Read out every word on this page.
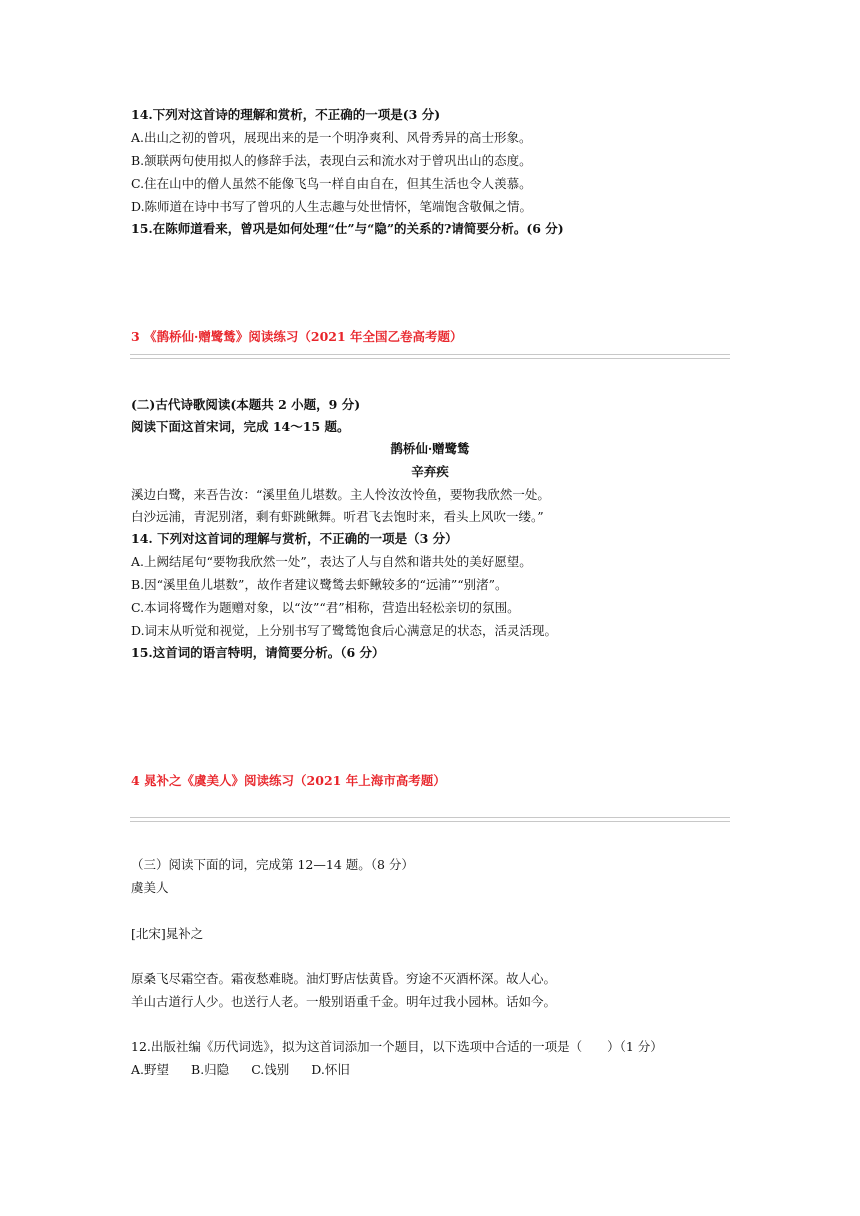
14.下列对这首诗的理解和赏析，不正确的一项是(3 分)
A.出山之初的曾巩，展现出来的是一个明净爽利、风骨秀异的高士形象。
B.颔联两句使用拟人的修辞手法，表现白云和流水对于曾巩出山的态度。
C.住在山中的僧人虽然不能像飞鸟一样自由自在，但其生活也令人羡慕。
D.陈师道在诗中书写了曾巩的人生志趣与处世情怀，笔端饱含敬佩之情。
15.在陈师道看来，曾巩是如何处理“仕”与“隐”的关系的?请简要分析。(6 分)
3 《鹊桥仙·赠鹭鸶》阅读练习（2021 年全国乙卷高考题）
(二)古代诗歌阅读(本题共 2 小题，9 分)
阅读下面这首宋词，完成 14～15 题。
鹊桥仙·赠鹭鸶
辛弃疾
溪边白鹭，来吾告汝：“溪里鱼儿堪数。主人怜汝汝怜鱼，要物我欣然一处。
白沙远浦，青泥别渚，剩有虾跳鳅舞。听君飞去饱时来，看头上风吹一缕。”
14. 下列对这首词的理解与赏析，不正确的一项是（3 分）
A.上阙结尾句“要物我欣然一处”，表达了人与自然和谐共处的美好愿望。
B.因“溪里鱼儿堪数”，故作者建议鹭鸶去虾鳅较多的“远浦”“别渚”。
C.本词将鹭作为题赠对象，以“汝”“君”相称，营造出轻松亲切的氛围。
D.词末从听觉和视觉，上分别书写了鹭鸶饱食后心满意足的状态，活灵活现。
15.这首词的语言特明，请简要分析。（6 分）
4 晁补之《虞美人》阅读练习（2021 年上海市高考题）
（三）阅读下面的词，完成第 12—14 题。（8 分）
虞美人
[北宋]晁补之
原桑飞尽霜空杳。霜夜愁难晓。油灯野店怯黄昏。穷途不灭酒杯深。故人心。
羊山古道行人少。也送行人老。一般别语重千金。明年过我小园林。话如今。
12.出版社编《历代词选》，拟为这首词添加一个题目，以下选项中合适的一项是（　　）（1 分）
A.野望 B.归隐 C.饯别 D.怀旧
